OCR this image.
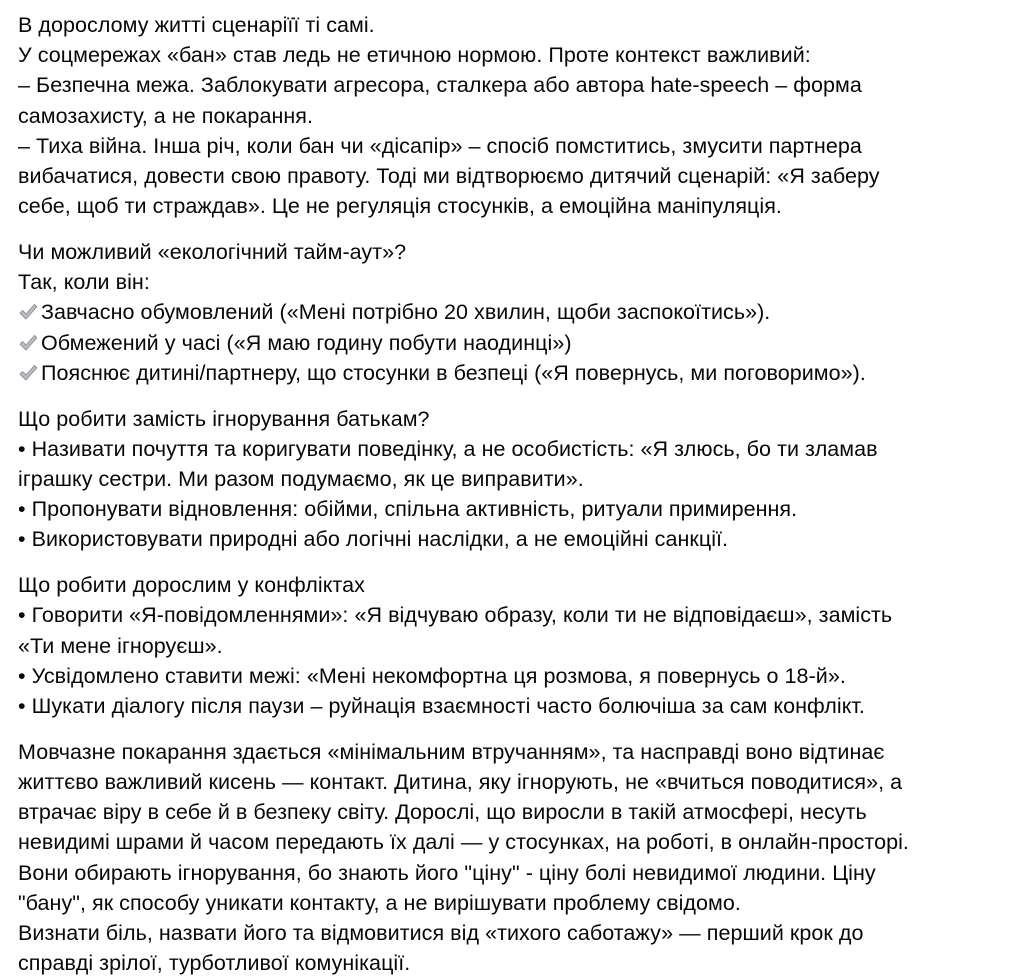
В дорослому житті сценаріїї ті самі.
У соцмережах «бан» став ледь не етичною нормою. Проте контекст важливий:
– Безпечна межа. Заблокувати агресора, сталкера або автора hate-speech – форма
самозахисту, а не покарання.
– Тиха війна. Інша річ, коли бан чи «дісапір» – спосіб помститись, змусити партнера
вибачатися, довести свою правоту. Тоді ми відтворюємо дитячий сценарій: «Я заберу
себе, щоб ти страждав». Це не регуляція стосунків, а емоційна маніпуляція.
Чи можливий «екологічний тайм-аут»?
Так, коли він:
Завчасно обумовлений («Мені потрібно 20 хвилин, щоби заспокоїтись»).
Обмежений у часі («Я маю годину побути наодинці»)
Пояснює дитині/партнеру, що стосунки в безпеці («Я повернусь, ми поговоримо»).
Що робити замість ігнорування батькам?
• Називати почуття та коригувати поведінку, а не особистість: «Я злюсь, бо ти зламав
іграшку сестри. Ми разом подумаємо, як це виправити».
• Пропонувати відновлення: обійми, спільна активність, ритуали примирення.
• Використовувати природні або логічні наслідки, а не емоційні санкції.
Що робити дорослим у конфліктах
• Говорити «Я-повідомленнями»: «Я відчуваю образу, коли ти не відповідаєш», замість
«Ти мене ігноруєш».
• Усвідомлено ставити межі: «Мені некомфортна ця розмова, я повернусь о 18-й».
• Шукати діалогу після паузи – руйнація взаємності часто болючіша за сам конфлікт.
Мовчазне покарання здається «мінімальним втручанням», та насправді воно відтинає
життєво важливий кисень — контакт. Дитина, яку ігнорують, не «вчиться поводитися», а
втрачає віру в себе й в безпеку світу. Дорослі, що виросли в такій атмосфері, несуть
невидимі шрами й часом передають їх далі — у стосунках, на роботі, в онлайн-просторі.
Вони обирають ігнорування, бо знають його "ціну" - ціну болі невидимої людини. Ціну
"бану", як способу уникати контакту, а не вирішувати проблему свідомо.
Визнати біль, назвати його та відмовитися від «тихого саботажу» — перший крок до
справді зрілої, турботливої комунікації.
